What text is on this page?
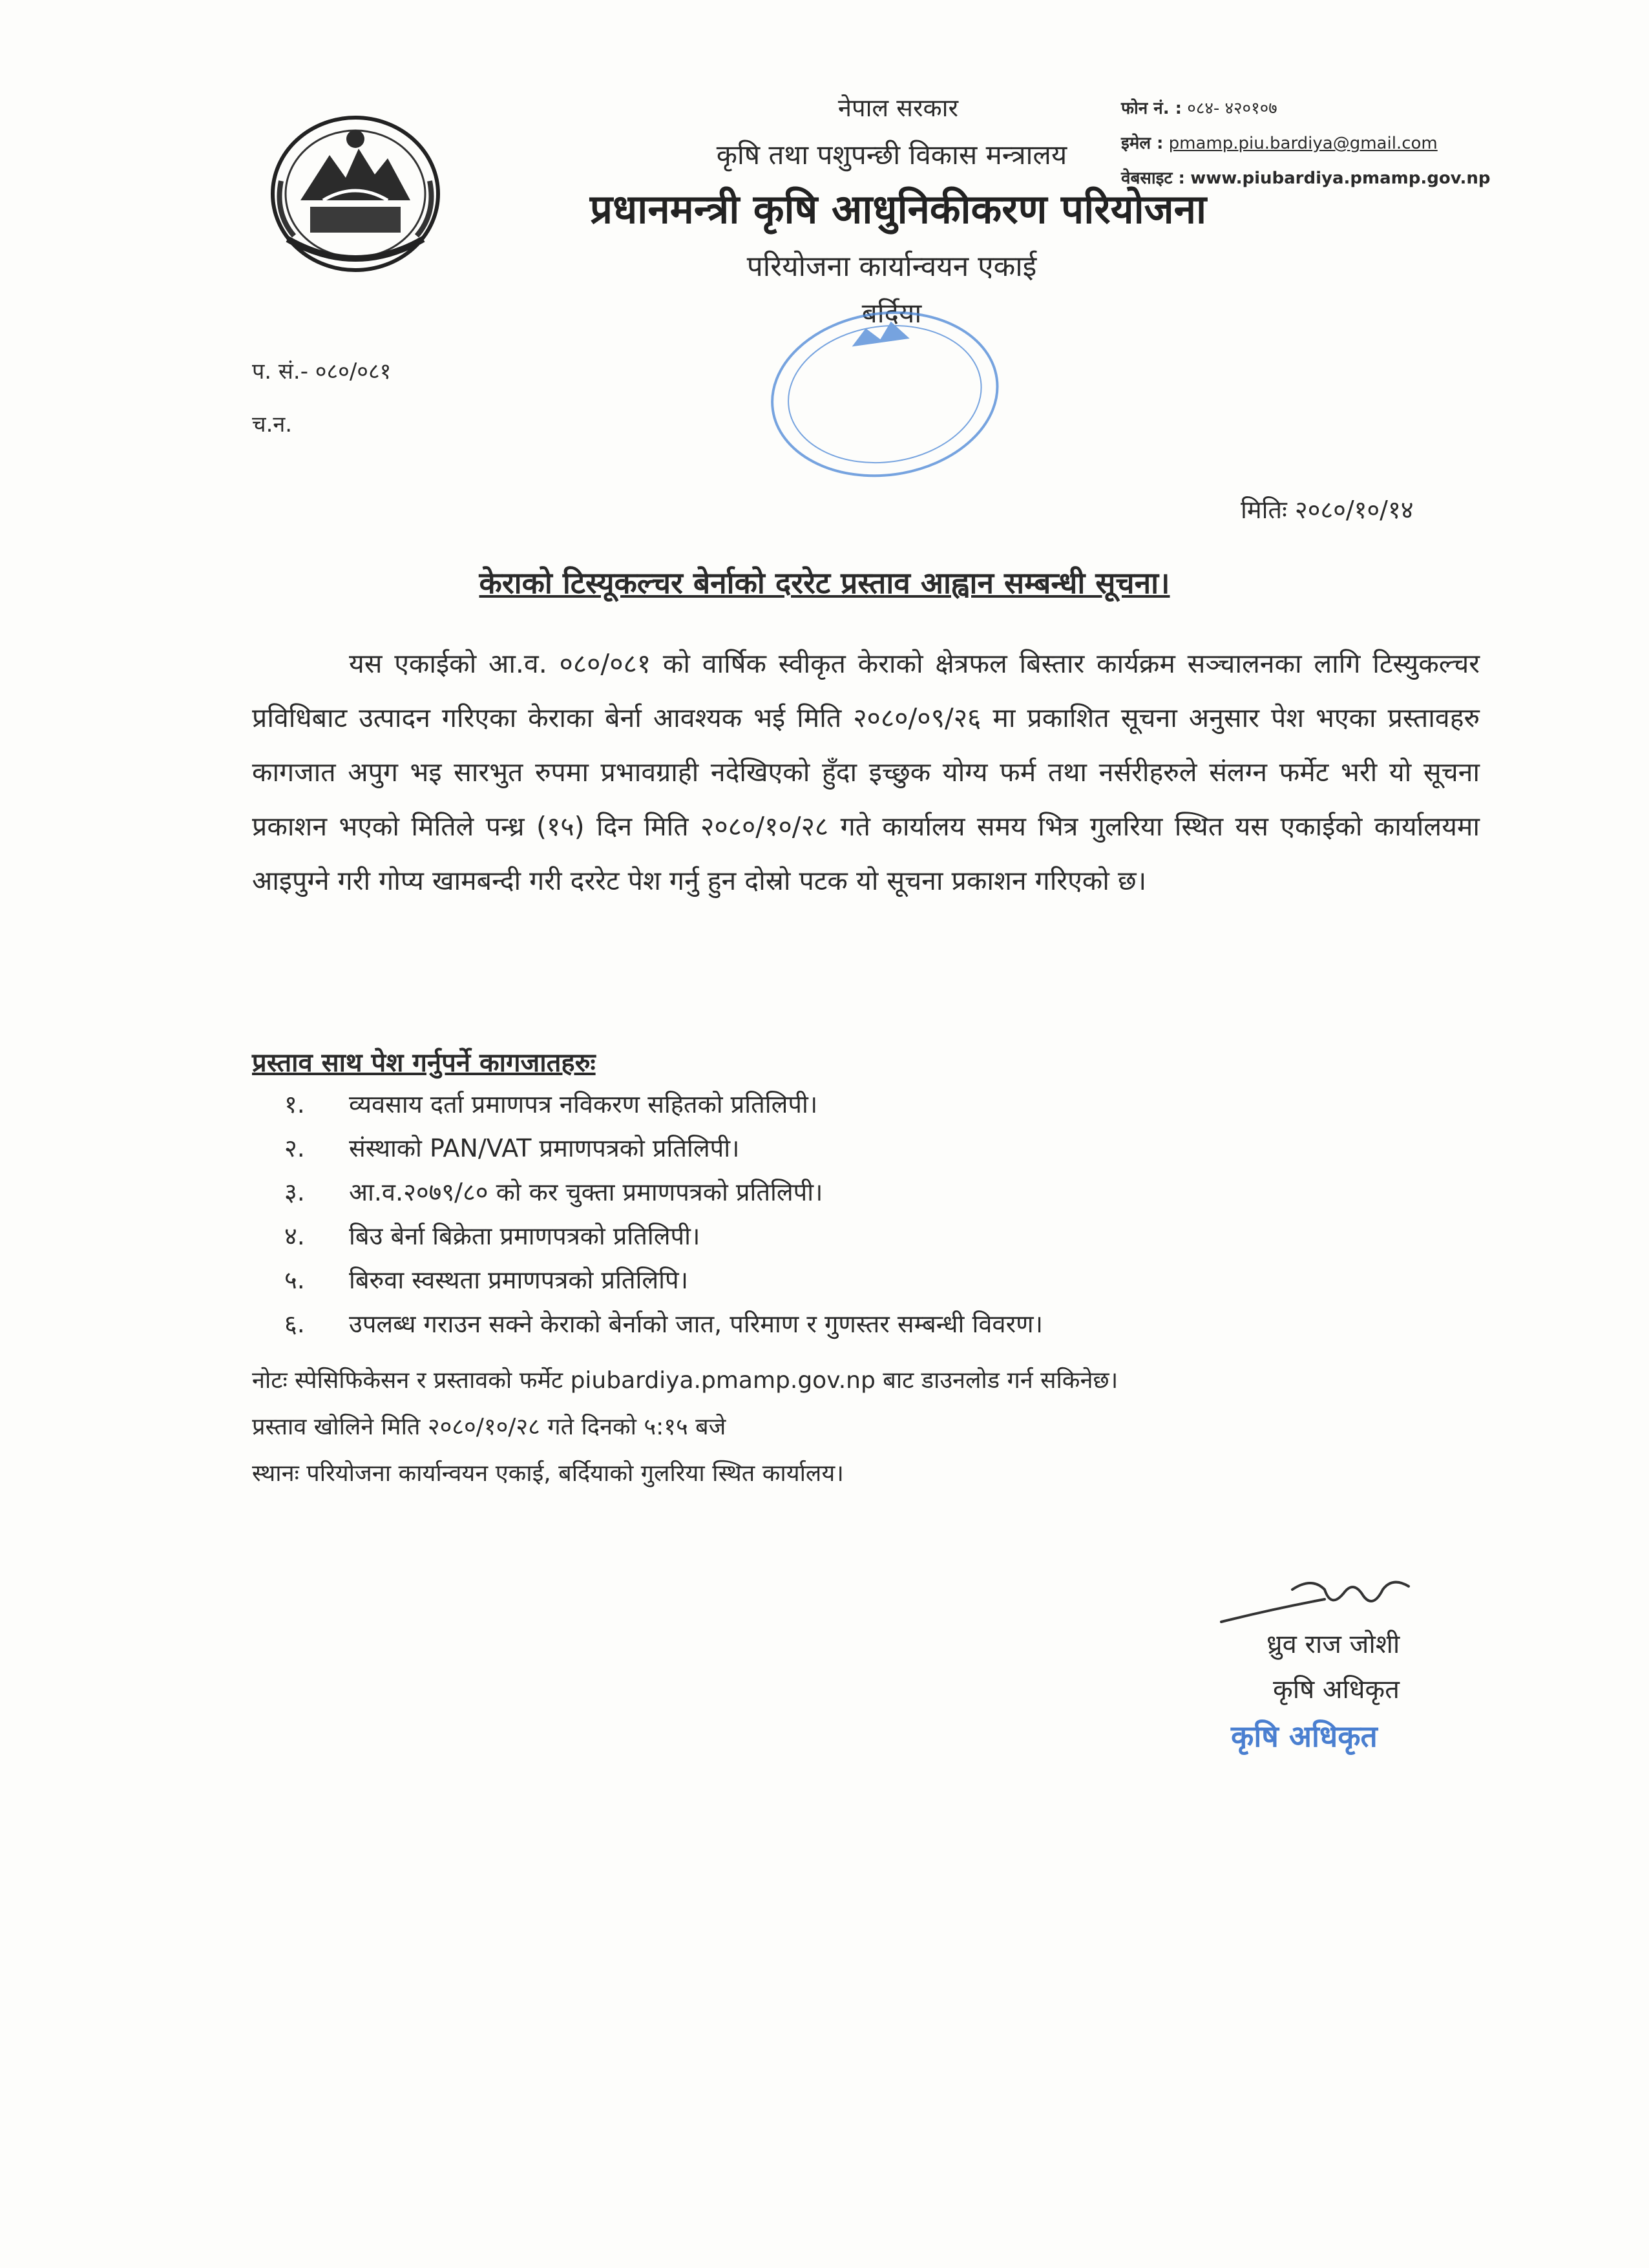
नेपाल सरकार
कृषि तथा पशुपन्छी विकास मन्त्रालय
प्रधानमन्त्री कृषि आधुनिकीकरण परियोजना
परियोजना कार्यान्वयन एकाई
बर्दिया
फोन नं. : ०८४- ४२०१०७
इमेल : pmamp.piu.bardiya@gmail.com
वेबसाइट : www.piubardiya.pmamp.gov.np
प. सं.- ०८०/०८१
च.न.
मितिः २०८०/१०/१४
केराको टिस्यूकल्चर बेर्नाको दररेट प्रस्ताव आह्वान सम्बन्धी सूचना।

यस एकाईको आ.व. ०८०/०८१ को वार्षिक स्वीकृत केराको क्षेत्रफल बिस्तार कार्यक्रम सञ्चालनका लागि टिस्युकल्चर प्रविधिबाट उत्पादन गरिएका केराका बेर्ना आवश्यक भई मिति २०८०/०९/२६ मा प्रकाशित सूचना अनुसार पेश भएका प्रस्तावहरु कागजात अपुग भइ सारभुत रुपमा प्रभावग्राही नदेखिएको हुँदा इच्छुक योग्य फर्म तथा नर्सरीहरुले संलग्न फर्मेट भरी यो सूचना प्रकाशन भएको मितिले पन्ध्र (१५) दिन मिति २०८०/१०/२८ गते कार्यालय समय भित्र गुलरिया स्थित यस एकाईको कार्यालयमा आइपुग्ने गरी गोप्य खामबन्दी गरी दररेट पेश गर्नु हुन दोस्रो पटक यो सूचना प्रकाशन गरिएको छ।

प्रस्ताव साथ पेश गर्नुपर्ने कागजातहरुः
१. व्यवसाय दर्ता प्रमाणपत्र नविकरण सहितको प्रतिलिपी।
२. संस्थाको PAN/VAT प्रमाणपत्रको प्रतिलिपी।
३. आ.व.२०७९/८० को कर चुक्ता प्रमाणपत्रको प्रतिलिपी।
४. बिउ बेर्ना बिक्रेता प्रमाणपत्रको प्रतिलिपी।
५. बिरुवा स्वस्थता प्रमाणपत्रको प्रतिलिपि।
६. उपलब्ध गराउन सक्ने केराको बेर्नाको जात, परिमाण र गुणस्तर सम्बन्धी विवरण।
नोटः स्पेसिफिकेसन र प्रस्तावको फर्मेट piubardiya.pmamp.gov.np बाट डाउनलोड गर्न सकिनेछ।
प्रस्ताव खोलिने मिति २०८०/१०/२८ गते दिनको ५:१५ बजे
स्थानः परियोजना कार्यान्वयन एकाई, बर्दियाको गुलरिया स्थित कार्यालय।
ध्रुव राज जोशी
कृषि अधिकृत
कृषि अधिकृत
